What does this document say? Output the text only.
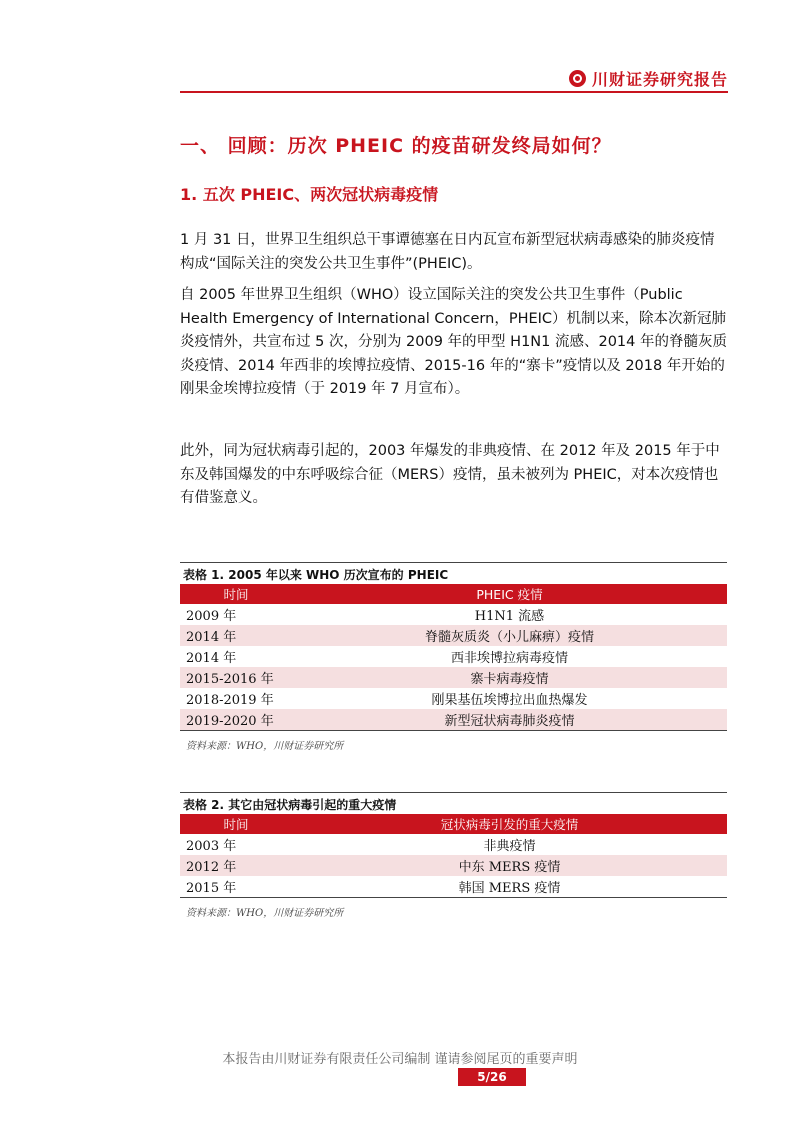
川财证券研究报告
一、 回顾：历次 PHEIC 的疫苗研发终局如何？
1. 五次 PHEIC、两次冠状病毒疫情

1 月 31 日，世界卫生组织总干事谭德塞在日内瓦宣布新型冠状病毒感染的肺炎疫情构成“国际关注的突发公共卫生事件”(PHEIC)。

自 2005 年世界卫生组织（WHO）设立国际关注的突发公共卫生事件（Public Health Emergency of International Concern，PHEIC）机制以来，除本次新冠肺炎疫情外，共宣布过 5 次，分别为 2009 年的甲型 H1N1 流感、2014 年的脊髓灰质炎疫情、2014 年西非的埃博拉疫情、2015-16 年的“寨卡”疫情以及 2018 年开始的刚果金埃博拉疫情（于 2019 年 7 月宣布）。

此外，同为冠状病毒引起的，2003 年爆发的非典疫情、在 2012 年及 2015 年于中东及韩国爆发的中东呼吸综合征（MERS）疫情，虽未被列为 PHEIC，对本次疫情也有借鉴意义。

表格 1. 2005 年以来 WHO 历次宣布的 PHEIC
时间	PHEIC 疫情
2009 年	H1N1 流感
2014 年	脊髓灰质炎（小儿麻痹）疫情
2014 年	西非埃博拉病毒疫情
2015-2016 年	寨卡病毒疫情
2018-2019 年	刚果基伍埃博拉出血热爆发
2019-2020 年	新型冠状病毒肺炎疫情
资料来源：WHO，川财证券研究所
表格 2. 其它由冠状病毒引起的重大疫情
时间	冠状病毒引发的重大疫情
2003 年	非典疫情
2012 年	中东 MERS 疫情
2015 年	韩国 MERS 疫情
资料来源：WHO，川财证券研究所
本报告由川财证券有限责任公司编制 谨请参阅尾页的重要声明
5/26
